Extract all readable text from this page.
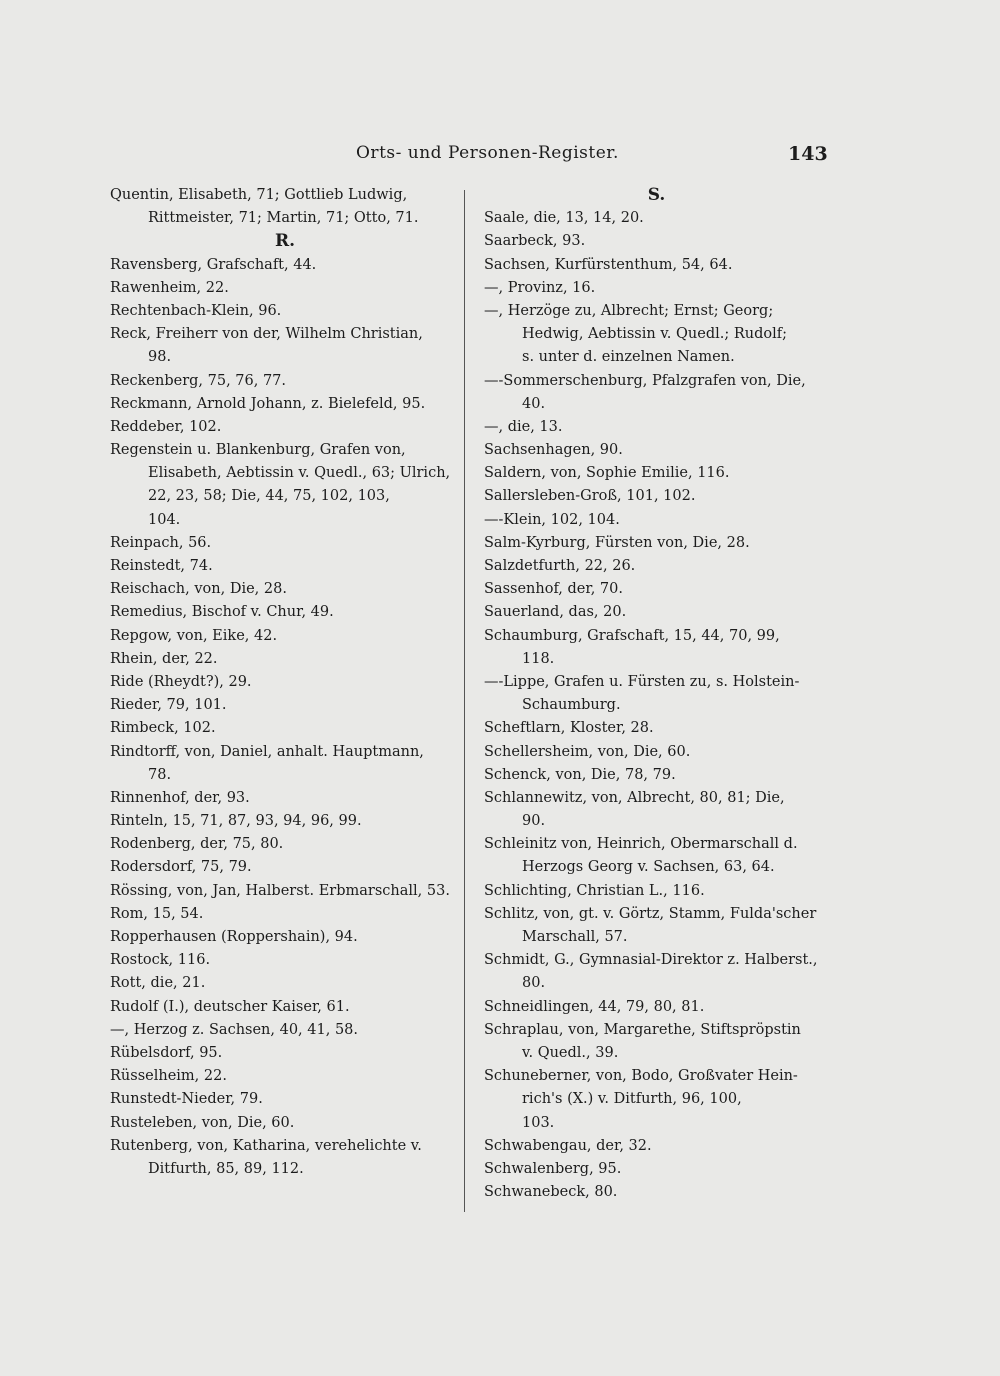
Orts- und Personen-Register.	143
Quentin, Elisabeth, 71; Gottlieb Ludwig,
Rittmeister, 71; Martin, 71; Otto, 71.
R.
Ravensberg, Grafschaft, 44.
Rawenheim, 22.
Rechtenbach-Klein, 96.
Reck, Freiherr von der, Wilhelm Christian,
98.
Reckenberg, 75, 76, 77.
Reckmann, Arnold Johann, z. Bielefeld, 95.
Reddeber, 102.
Regenstein u. Blankenburg, Grafen von,
Elisabeth, Aebtissin v. Quedl., 63; Ulrich,
22, 23, 58; Die, 44, 75, 102, 103,
104.
Reinpach, 56.
Reinstedt, 74.
Reischach, von, Die, 28.
Remedius, Bischof v. Chur, 49.
Repgow, von, Eike, 42.
Rhein, der, 22.
Ride (Rheydt?), 29.
Rieder, 79, 101.
Rimbeck, 102.
Rindtorff, von, Daniel, anhalt. Hauptmann,
78.
Rinnenhof, der, 93.
Rinteln, 15, 71, 87, 93, 94, 96, 99.
Rodenberg, der, 75, 80.
Rodersdorf, 75, 79.
Rössing, von, Jan, Halberst. Erbmarschall, 53.
Rom, 15, 54.
Ropperhausen (Roppershain), 94.
Rostock, 116.
Rott, die, 21.
Rudolf (I.), deutscher Kaiser, 61.
—, Herzog z. Sachsen, 40, 41, 58.
Rübelsdorf, 95.
Rüsselheim, 22.
Runstedt-Nieder, 79.
Rusteleben, von, Die, 60.
Rutenberg, von, Katharina, verehelichte v.
Ditfurth, 85, 89, 112.
S.
Saale, die, 13, 14, 20.
Saarbeck, 93.
Sachsen, Kurfürstenthum, 54, 64.
—, Provinz, 16.
—, Herzöge zu, Albrecht; Ernst; Georg;
Hedwig, Aebtissin v. Quedl.; Rudolf;
s. unter d. einzelnen Namen.
—-Sommerschenburg, Pfalzgrafen von, Die,
40.
—, die, 13.
Sachsenhagen, 90.
Saldern, von, Sophie Emilie, 116.
Sallersleben-Groß, 101, 102.
—-Klein, 102, 104.
Salm-Kyrburg, Fürsten von, Die, 28.
Salzdetfurth, 22, 26.
Sassenhof, der, 70.
Sauerland, das, 20.
Schaumburg, Grafschaft, 15, 44, 70, 99,
118.
—-Lippe, Grafen u. Fürsten zu, s. Holstein-
Schaumburg.
Scheftlarn, Kloster, 28.
Schellersheim, von, Die, 60.
Schenck, von, Die, 78, 79.
Schlannewitz, von, Albrecht, 80, 81; Die,
90.
Schleinitz von, Heinrich, Obermarschall d.
Herzogs Georg v. Sachsen, 63, 64.
Schlichting, Christian L., 116.
Schlitz, von, gt. v. Görtz, Stamm, Fulda'scher
Marschall, 57.
Schmidt, G., Gymnasial-Direktor z. Halberst.,
80.
Schneidlingen, 44, 79, 80, 81.
Schraplau, von, Margarethe, Stiftspröpstin
v. Quedl., 39.
Schuneberner, von, Bodo, Großvater Hein-
rich's (X.) v. Ditfurth, 96, 100,
103.
Schwabengau, der, 32.
Schwalenberg, 95.
Schwanebeck, 80.
